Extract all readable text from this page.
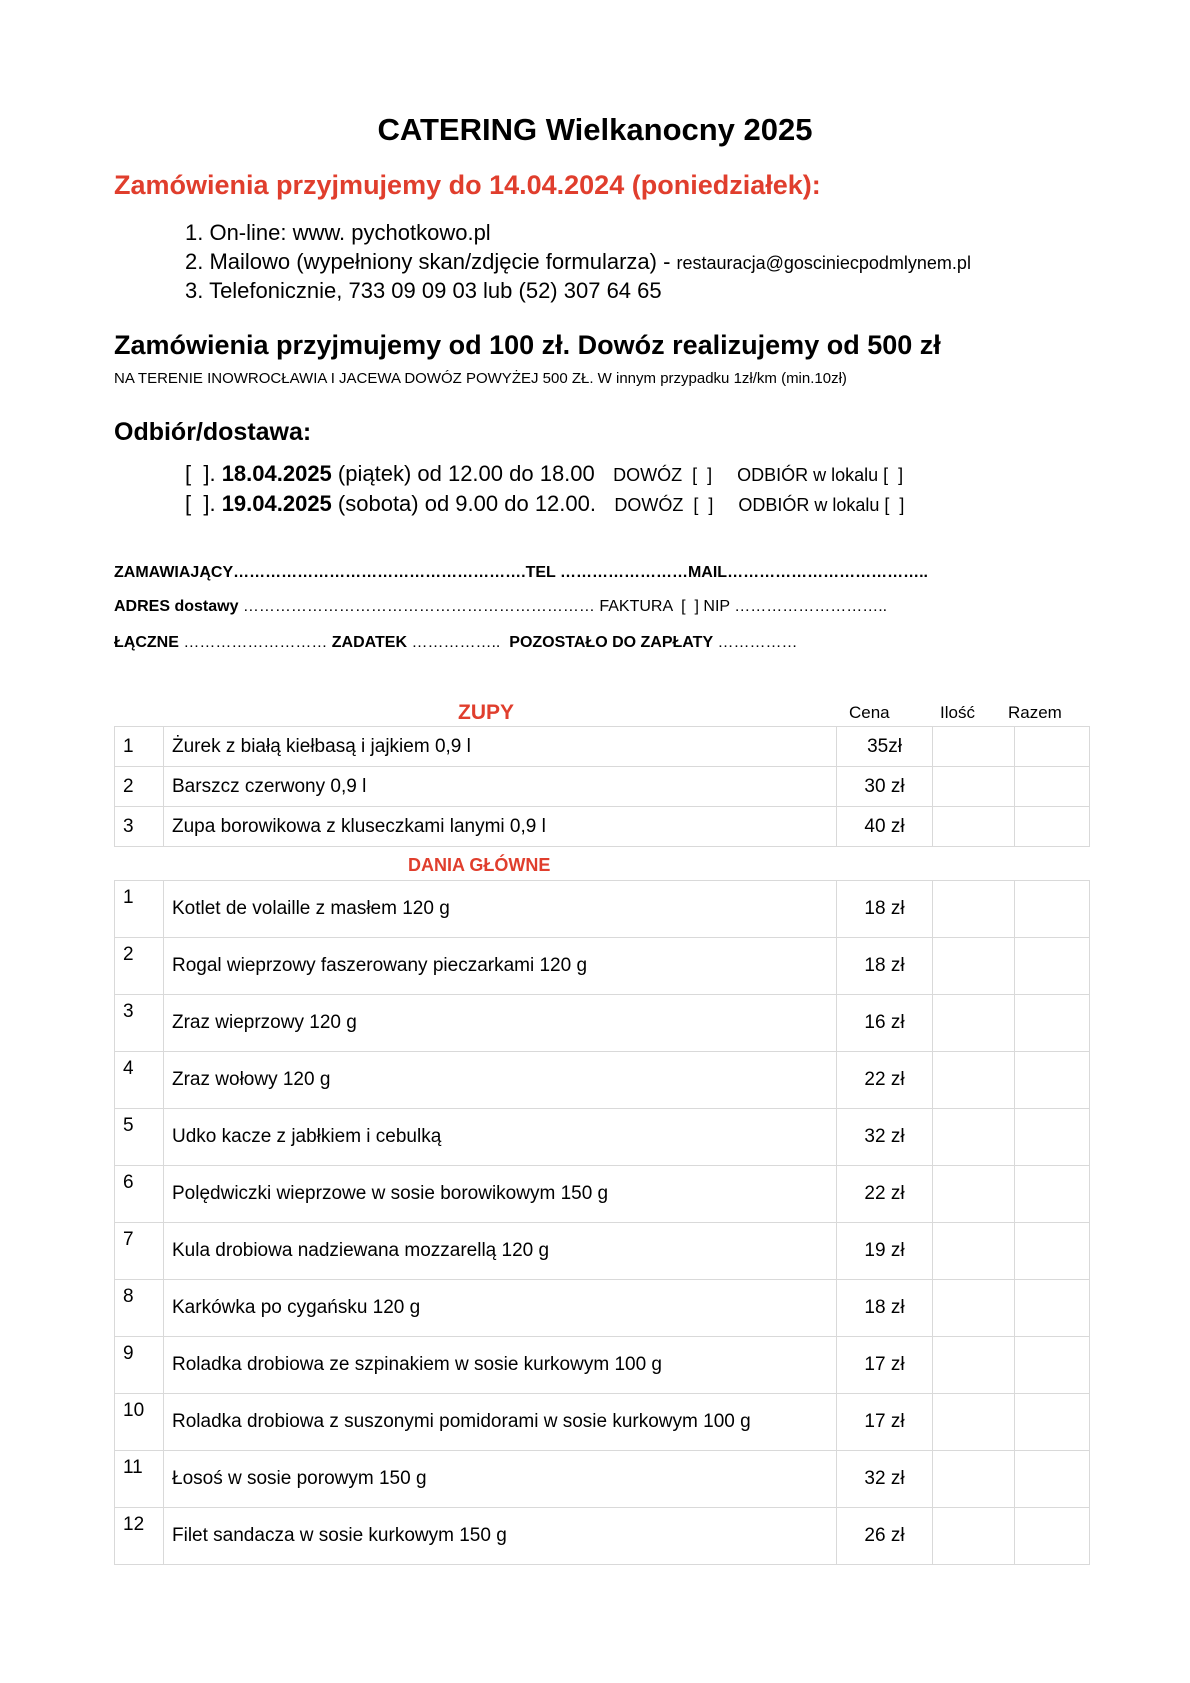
CATERING Wielkanocny 2025
Zamówienia przyjmujemy do 14.04.2024 (poniedziałek):
1. On-line: www. pychotkowo.pl
2. Mailowo (wypełniony skan/zdjęcie formularza) - restauracja@gosciniecpodmlynem.pl
3. Telefonicznie, 733 09 09 03 lub (52) 307 64 65
Zamówienia przyjmujemy od 100 zł. Dowóz realizujemy od 500 zł
NA TERENIE INOWROCŁAWIA I JACEWA DOWÓZ POWYŻEJ 500 ZŁ. W innym przypadku 1zł/km (min.10zł)
Odbiór/dostawa:
[  ]. 18.04.2025 (piątek) od 12.00 do 18.00 DOWÓZ  [  ]     ODBIÓR w lokalu [  ]
[  ]. 19.04.2025 (sobota) od 9.00 do 12.00. DOWÓZ  [  ]     ODBIÓR w lokalu [  ]
ZAMAWIAJĄCY……………………………………………….TEL ……………………MAIL………………………………..
ADRES dostawy ………………………………………………………… FAKTURA  [  ] NIP ………………………..
ŁĄCZNE ……………………… ZADATEK ……………..  POZOSTAŁO DO ZAPŁATY ……………
ZUPY	Cena	Ilość Razem
1	Żurek z białą kiełbasą i jajkiem 0,9 l	35zł		
2	Barszcz czerwony 0,9 l	30 zł		
3	Zupa borowikowa z kluseczkami lanymi 0,9 l	40 zł		
DANIA GŁÓWNE
1	Kotlet de volaille z masłem 120 g	18 zł		
2	Rogal wieprzowy faszerowany pieczarkami 120 g	18 zł		
3	Zraz wieprzowy 120 g	16 zł		
4	Zraz wołowy 120 g	22 zł		
5	Udko kacze z jabłkiem i cebulką	32 zł		
6	Polędwiczki wieprzowe w sosie borowikowym 150 g	22 zł		
7	Kula drobiowa nadziewana mozzarellą 120 g	19 zł		
8	Karkówka po cygańsku 120 g	18 zł		
9	Roladka drobiowa ze szpinakiem w sosie kurkowym 100 g	17 zł		
10	Roladka drobiowa z suszonymi pomidorami w sosie kurkowym 100 g	17 zł		
11	Łosoś w sosie porowym 150 g	32 zł		
12	Filet sandacza w sosie kurkowym 150 g	26 zł		
